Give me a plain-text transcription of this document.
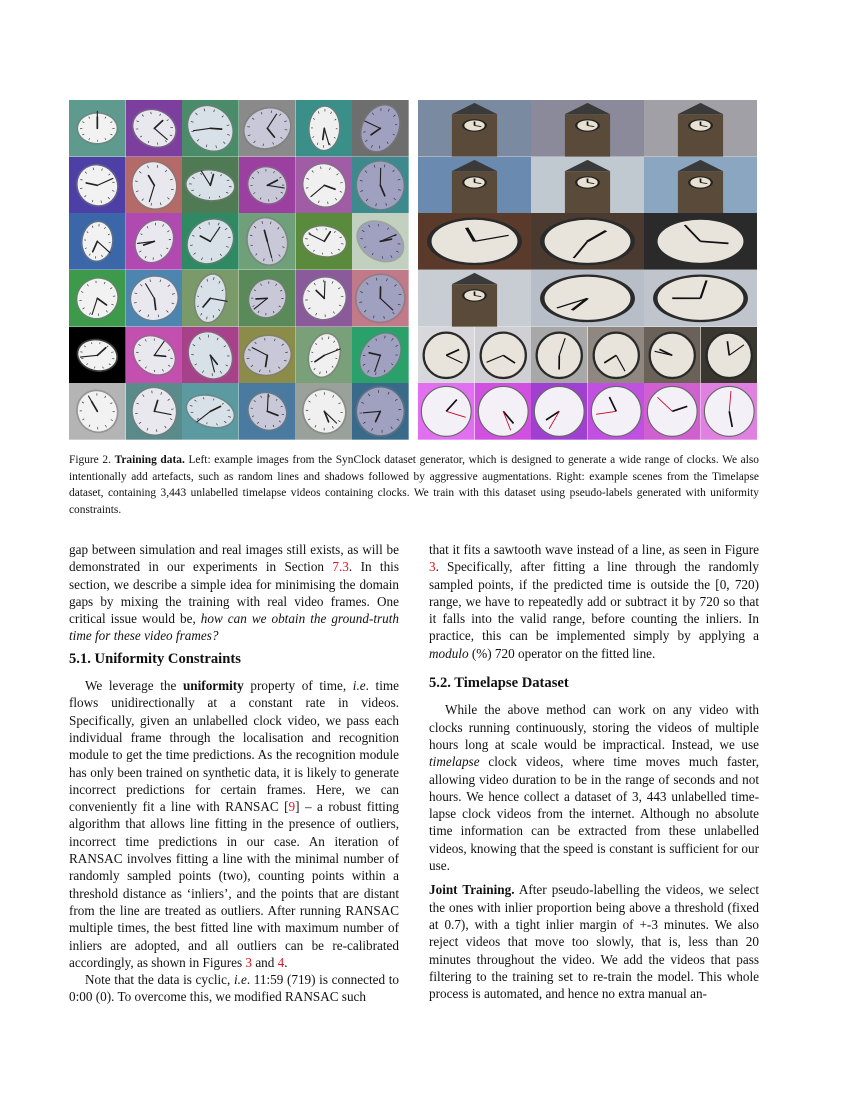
Figure 2. Training data. Left: example images from the SynClock dataset generator, which is designed to generate a wide range of clocks. We also intentionally add artefacts, such as random lines and shadows followed by aggressive augmentations. Right: example scenes from the Timelapse dataset, containing 3,443 unlabelled timelapse videos containing clocks. We train with this dataset using pseudo-labels generated with uniformity constraints.

gap between simulation and real images still exists, as will be demonstrated in our experiments in Section 7.3. In this section, we describe a simple idea for minimising the domain gaps by mixing the training with real video frames. One critical issue would be, how can we obtain the ground-truth time for these video frames?

5.1. Uniformity Constraints

We leverage the uniformity property of time, i.e. time flows unidirectionally at a constant rate in videos. Specifically, given an unlabelled clock video, we pass each individual frame through the localisation and recognition module to get the time predictions. As the recognition module has only been trained on synthetic data, it is likely to generate incorrect predictions for certain frames. Here, we can conveniently fit a line with RANSAC [9] – a robust fitting algorithm that allows line fitting in the presence of outliers, incorrect time predictions in our case. An iteration of RANSAC involves fitting a line with the minimal number of randomly sampled points (two), counting points within a threshold distance as ‘inliers’, and the points that are distant from the line are treated as outliers. After running RANSAC multiple times, the best fitted line with maximum number of inliers are adopted, and all outliers can be re-calibrated accordingly, as shown in Figures 3 and 4.

Note that the data is cyclic, i.e. 11:59 (719) is connected to 0:00 (0). To overcome this, we modified RANSAC such

that it fits a sawtooth wave instead of a line, as seen in Figure 3. Specifically, after fitting a line through the randomly sampled points, if the predicted time is outside the [0, 720) range, we have to repeatedly add or subtract it by 720 so that it falls into the valid range, before counting the inliers. In practice, this can be implemented simply by applying a modulo (%) 720 operator on the fitted line.

5.2. Timelapse Dataset

While the above method can work on any video with clocks running continuously, storing the videos of multiple hours long at scale would be impractical. Instead, we use timelapse clock videos, where time moves much faster, allowing video duration to be in the range of seconds and not hours. We hence collect a dataset of 3, 443 unlabelled time-lapse clock videos from the internet. Although no absolute time information can be extracted from these unlabelled videos, knowing that the speed is constant is sufficient for our use.

Joint Training. After pseudo-labelling the videos, we select the ones with inlier proportion being above a threshold (fixed at 0.7), with a tight inlier margin of +-3 minutes. We also reject videos that move too slowly, that is, less than 20 minutes throughout the video. We add the videos that pass filtering to the training set to re-train the model. This whole process is automated, and hence no extra manual an-
